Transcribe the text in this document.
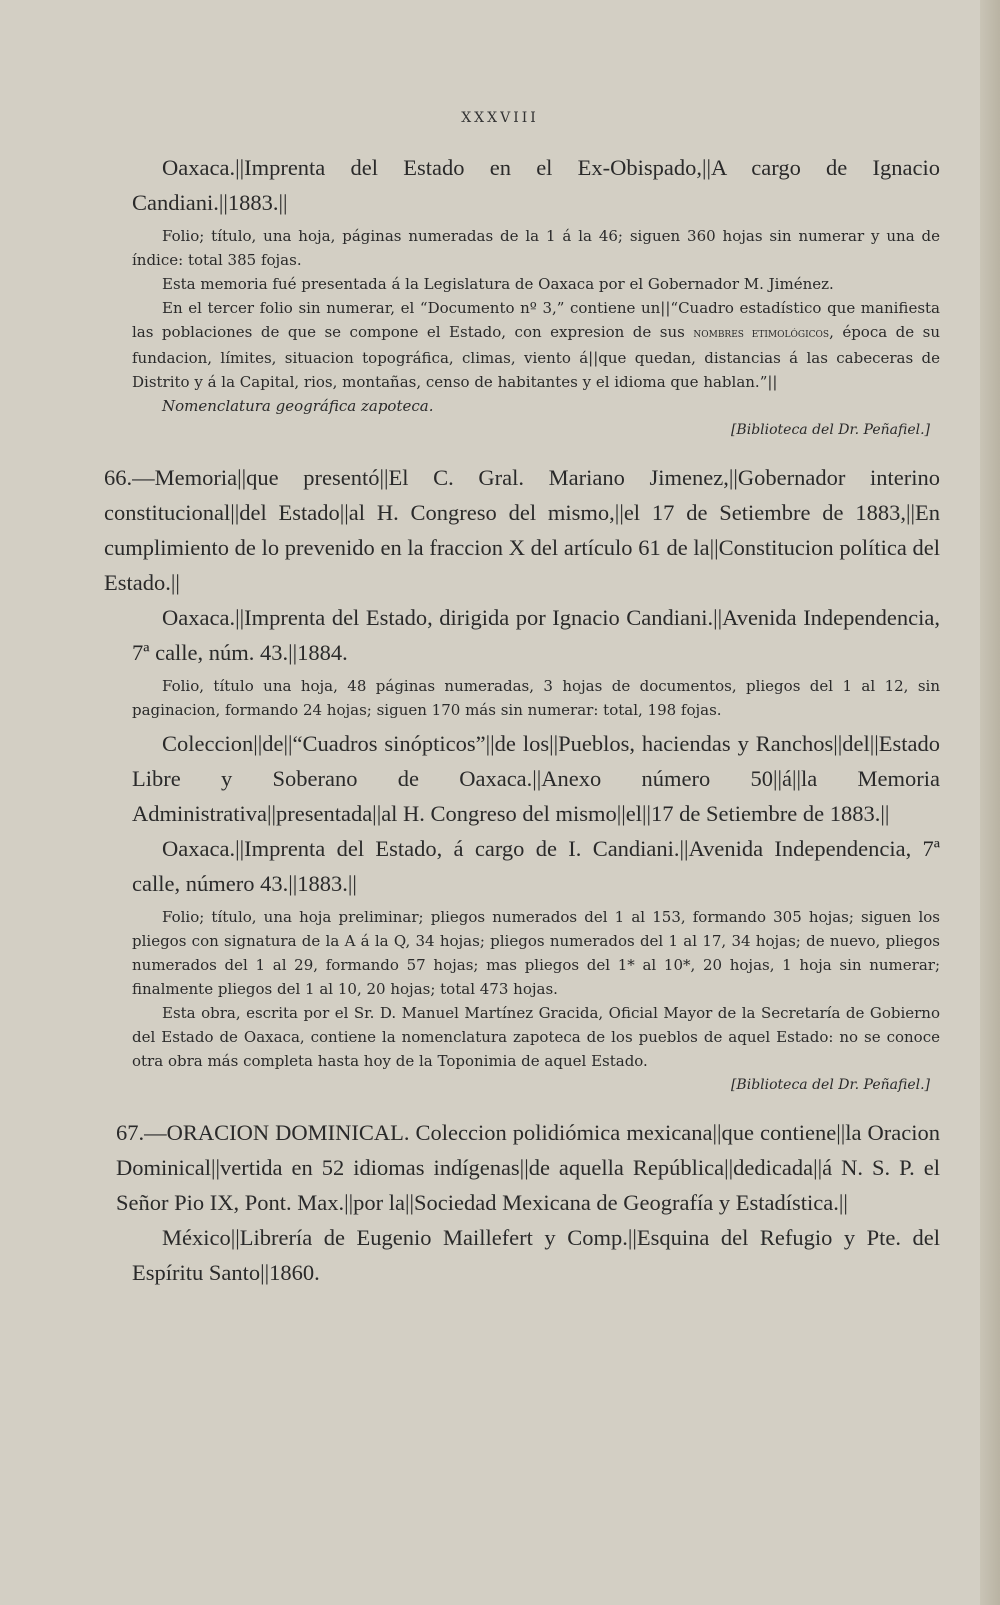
XXXVIII

Oaxaca.||Imprenta del Estado en el Ex-Obispado,||A cargo de Ignacio Candiani.||1883.||

Folio; título, una hoja, páginas numeradas de la 1 á la 46; siguen 360 hojas sin numerar y una de índice: total 385 fojas.

Esta memoria fué presentada á la Legislatura de Oaxaca por el Gobernador M. Jiménez.

En el tercer folio sin numerar, el “Documento nº 3,” contiene un||“Cuadro estadístico que manifiesta las poblaciones de que se compone el Estado, con expresion de sus nombres etimológicos, época de su fundacion, límites, situacion topográfica, climas, viento á||que quedan, distancias á las cabeceras de Distrito y á la Capital, rios, montañas, censo de habitantes y el idioma que hablan.”||

Nomenclatura geográfica zapoteca.

[Biblioteca del Dr. Peñafiel.]

66.—Memoria||que presentó||El C. Gral. Mariano Jimenez,||Gobernador interino constitucional||del Estado||al H. Congreso del mismo,||el 17 de Setiembre de 1883,||En cumplimiento de lo prevenido en la fraccion X del artículo 61 de la||Constitucion política del Estado.||

Oaxaca.||Imprenta del Estado, dirigida por Ignacio Candiani.||Avenida Independencia, 7ª calle, núm. 43.||1884.

Folio, título una hoja, 48 páginas numeradas, 3 hojas de documentos, pliegos del 1 al 12, sin paginacion, formando 24 hojas; siguen 170 más sin numerar: total, 198 fojas.

Coleccion||de||“Cuadros sinópticos”||de los||Pueblos, haciendas y Ranchos||del||Estado Libre y Soberano de Oaxaca.||Anexo número 50||á||la Memoria Administrativa||presentada||al H. Congreso del mismo||el||17 de Setiembre de 1883.||

Oaxaca.||Imprenta del Estado, á cargo de I. Candiani.||Avenida Independencia, 7ª calle, número 43.||1883.||

Folio; título, una hoja preliminar; pliegos numerados del 1 al 153, formando 305 hojas; siguen los pliegos con signatura de la A á la Q, 34 hojas; pliegos numerados del 1 al 17, 34 hojas; de nuevo, pliegos numerados del 1 al 29, formando 57 hojas; mas pliegos del 1* al 10*, 20 hojas, 1 hoja sin numerar; finalmente pliegos del 1 al 10, 20 hojas; total 473 hojas.

Esta obra, escrita por el Sr. D. Manuel Martínez Gracida, Oficial Mayor de la Secretaría de Gobierno del Estado de Oaxaca, contiene la nomenclatura zapoteca de los pueblos de aquel Estado: no se conoce otra obra más completa hasta hoy de la Toponimia de aquel Estado.

[Biblioteca del Dr. Peñafiel.]

67.—ORACION DOMINICAL. Coleccion polidiómica mexicana||que contiene||la Oracion Dominical||vertida en 52 idiomas indígenas||de aquella República||dedicada||á N. S. P. el Señor Pio IX, Pont. Max.||por la||Sociedad Mexicana de Geografía y Estadística.||

México||Librería de Eugenio Maillefert y Comp.||Esquina del Refugio y Pte. del Espíritu Santo||1860.
